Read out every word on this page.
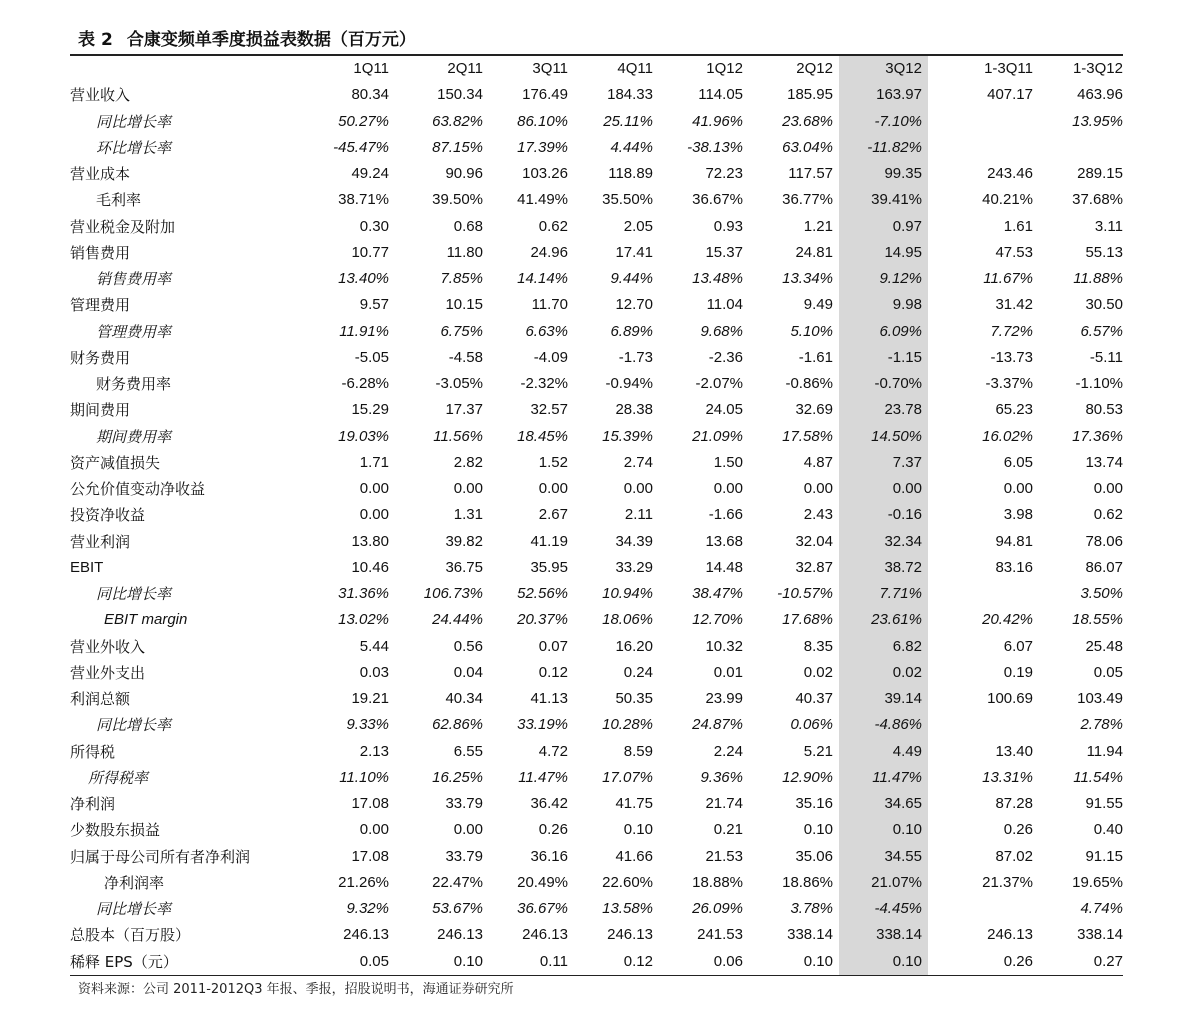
表 2 合康变频单季度损益表数据（百万元）
	1Q11	2Q11	3Q11	4Q11	1Q12	2Q12	3Q12	1-3Q11	1-3Q12
营业收入	80.34	150.34	176.49	184.33	114.05	185.95	163.97	407.17	463.96
同比增长率	50.27%	63.82%	86.10%	25.11%	41.96%	23.68%	-7.10%		13.95%
环比增长率	-45.47%	87.15%	17.39%	4.44%	-38.13%	63.04%	-11.82%		
营业成本	49.24	90.96	103.26	118.89	72.23	117.57	99.35	243.46	289.15
毛利率	38.71%	39.50%	41.49%	35.50%	36.67%	36.77%	39.41%	40.21%	37.68%
营业税金及附加	0.30	0.68	0.62	2.05	0.93	1.21	0.97	1.61	3.11
销售费用	10.77	11.80	24.96	17.41	15.37	24.81	14.95	47.53	55.13
销售费用率	13.40%	7.85%	14.14%	9.44%	13.48%	13.34%	9.12%	11.67%	11.88%
管理费用	9.57	10.15	11.70	12.70	11.04	9.49	9.98	31.42	30.50
管理费用率	11.91%	6.75%	6.63%	6.89%	9.68%	5.10%	6.09%	7.72%	6.57%
财务费用	-5.05	-4.58	-4.09	-1.73	-2.36	-1.61	-1.15	-13.73	-5.11
财务费用率	-6.28%	-3.05%	-2.32%	-0.94%	-2.07%	-0.86%	-0.70%	-3.37%	-1.10%
期间费用	15.29	17.37	32.57	28.38	24.05	32.69	23.78	65.23	80.53
期间费用率	19.03%	11.56%	18.45%	15.39%	21.09%	17.58%	14.50%	16.02%	17.36%
资产减值损失	1.71	2.82	1.52	2.74	1.50	4.87	7.37	6.05	13.74
公允价值变动净收益	0.00	0.00	0.00	0.00	0.00	0.00	0.00	0.00	0.00
投资净收益	0.00	1.31	2.67	2.11	-1.66	2.43	-0.16	3.98	0.62
营业利润	13.80	39.82	41.19	34.39	13.68	32.04	32.34	94.81	78.06
EBIT	10.46	36.75	35.95	33.29	14.48	32.87	38.72	83.16	86.07
同比增长率	31.36%	106.73%	52.56%	10.94%	38.47%	-10.57%	7.71%		3.50%
EBIT margin	13.02%	24.44%	20.37%	18.06%	12.70%	17.68%	23.61%	20.42%	18.55%
营业外收入	5.44	0.56	0.07	16.20	10.32	8.35	6.82	6.07	25.48
营业外支出	0.03	0.04	0.12	0.24	0.01	0.02	0.02	0.19	0.05
利润总额	19.21	40.34	41.13	50.35	23.99	40.37	39.14	100.69	103.49
同比增长率	9.33%	62.86%	33.19%	10.28%	24.87%	0.06%	-4.86%		2.78%
所得税	2.13	6.55	4.72	8.59	2.24	5.21	4.49	13.40	11.94
所得税率	11.10%	16.25%	11.47%	17.07%	9.36%	12.90%	11.47%	13.31%	11.54%
净利润	17.08	33.79	36.42	41.75	21.74	35.16	34.65	87.28	91.55
少数股东损益	0.00	0.00	0.26	0.10	0.21	0.10	0.10	0.26	0.40
归属于母公司所有者净利润	17.08	33.79	36.16	41.66	21.53	35.06	34.55	87.02	91.15
净利润率	21.26%	22.47%	20.49%	22.60%	18.88%	18.86%	21.07%	21.37%	19.65%
同比增长率	9.32%	53.67%	36.67%	13.58%	26.09%	3.78%	-4.45%		4.74%
总股本（百万股）	246.13	246.13	246.13	246.13	241.53	338.14	338.14	246.13	338.14
稀释 EPS（元）	0.05	0.10	0.11	0.12	0.06	0.10	0.10	0.26	0.27
资料来源：公司 2011-2012Q3 年报、季报，招股说明书，海通证券研究所
